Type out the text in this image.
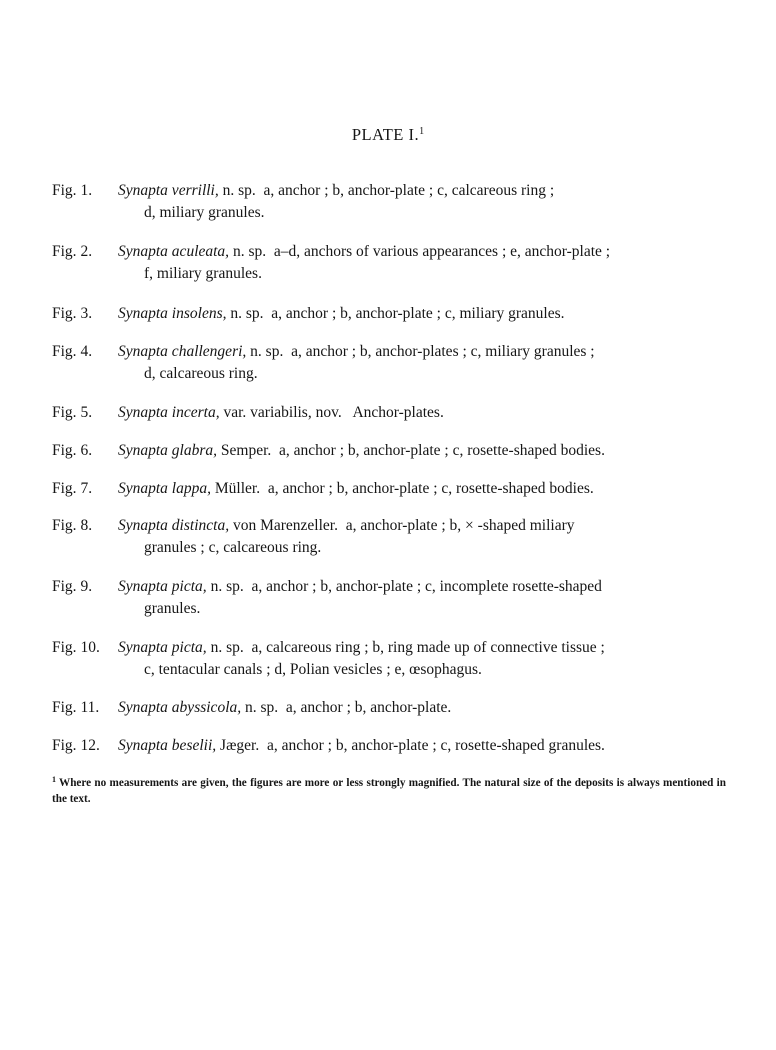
PLATE I.$^1$
Fig. 1.	Synapta verrilli, n. sp.  a, anchor ; b, anchor-plate ; c, calcareous ring ;
d, miliary granules.
Fig. 2.	Synapta aculeata, n. sp.  a–d, anchors of various appearances ; e, anchor-plate ;
f, miliary granules.
Fig. 3.	Synapta insolens, n. sp.  a, anchor ; b, anchor-plate ; c, miliary granules.
Fig. 4.	Synapta challengeri, n. sp.  a, anchor ; b, anchor-plates ; c, miliary granules ;
d, calcareous ring.
Fig. 5.	Synapta incerta, var. variabilis, nov.   Anchor-plates.
Fig. 6.	Synapta glabra, Semper.  a, anchor ; b, anchor-plate ; c, rosette-shaped bodies.
Fig. 7.	Synapta lappa, Müller.  a, anchor ; b, anchor-plate ; c, rosette-shaped bodies.
Fig. 8.	Synapta distincta, von Marenzeller.  a, anchor-plate ; b, × -shaped miliary
granules ; c, calcareous ring.
Fig. 9.	Synapta picta, n. sp.  a, anchor ; b, anchor-plate ; c, incomplete rosette-shaped
granules.
Fig. 10.	Synapta picta, n. sp.  a, calcareous ring ; b, ring made up of connective tissue ;
c, tentacular canals ; d, Polian vesicles ; e, œsophagus.
Fig. 11.	Synapta abyssicola, n. sp.  a, anchor ; b, anchor-plate.
Fig. 12.	Synapta beselii, Jæger.  a, anchor ; b, anchor-plate ; c, rosette-shaped granules.
$^1$ Where no measurements are given, the figures are more or less strongly magnified. The natural size of the deposits is always mentioned in the text.
